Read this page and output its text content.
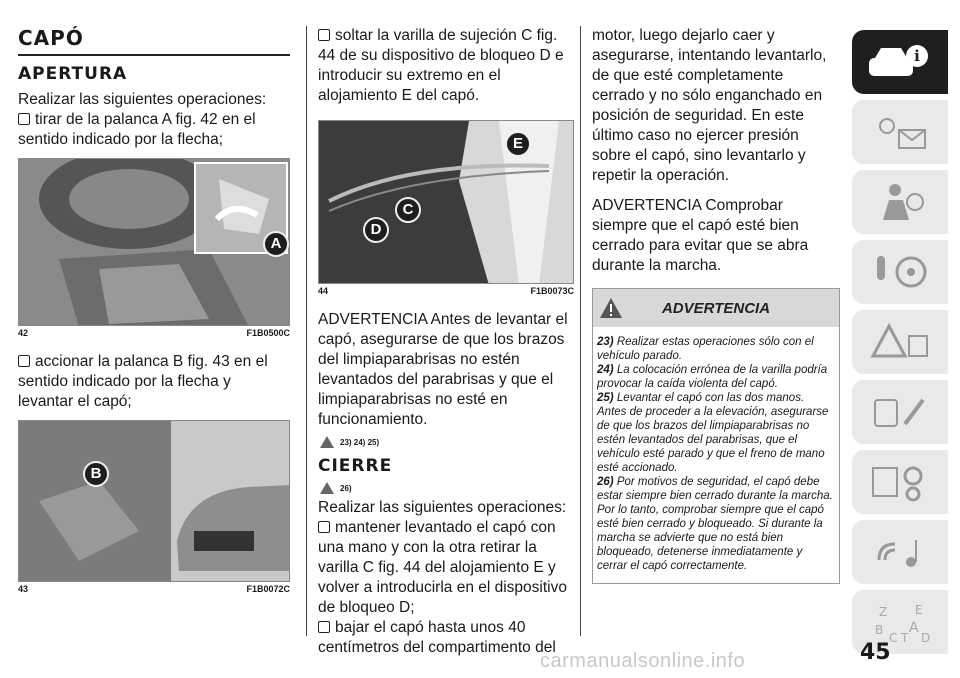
CAPÓ
APERTURA

Realizar las siguientes operaciones:

tirar de la palanca A fig. 42 en el sentido indicado por la flecha;
A
42	F1B0500C
accionar la palanca B fig. 43 en el sentido indicado por la flecha y levantar el capó;
B
43	F1B0072C
soltar la varilla de sujeción C fig. 44 de su dispositivo de bloqueo D e introducir su extremo en el alojamiento E del capó.
E
C
D
44	F1B0073C

ADVERTENCIA Antes de levantar el capó, asegurarse de que los brazos del limpiaparabrisas no estén levantados del parabrisas y que el limpiaparabrisas no esté en funcionamiento.

23) 24) 25)
CIERRE
26)

Realizar las siguientes operaciones:

mantener levantado el capó con una mano y con la otra retirar la varilla C fig. 44 del alojamiento E y volver a introducirla en el dispositivo de bloqueo D;
bajar el capó hasta unos 40 centímetros del compartimento del

motor, luego dejarlo caer y asegurarse, intentando levantarlo, de que esté completamente cerrado y no sólo enganchado en posición de seguridad. En este último caso no ejercer presión sobre el capó, sino levantarlo y repetir la operación.

ADVERTENCIA Comprobar siempre que el capó esté bien cerrado para evitar que se abra durante la marcha.

ADVERTENCIA
23) Realizar estas operaciones sólo con el vehículo parado.
24) La colocación errónea de la varilla podría provocar la caída violenta del capó.
25) Levantar el capó con las dos manos. Antes de proceder a la elevación, asegurarse de que los brazos del limpiaparabrisas no estén levantados del parabrisas, que el vehículo esté parado y que el freno de mano esté accionado.
26) Por motivos de seguridad, el capó debe estar siempre bien cerrado durante la marcha. Por lo tanto, comprobar siempre que el capó esté bien cerrado y bloqueado. Si durante la marcha se advierte que no está bien bloqueado, detenerse inmediatamente y cerrar el capó correctamente.
i
Z E
B A
C T D
45
carmanualsonline.info
